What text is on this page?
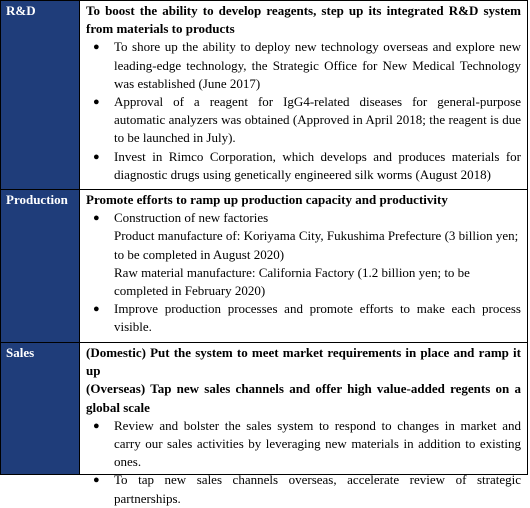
R&D	To boost the ability to develop reagents, step up its integrated R&D system from materials to products
● To shore up the ability to deploy new technology overseas and explore new leading-edge technology, the Strategic Office for New Medical Technology was established (June 2017)
● Approval of a reagent for IgG4-related diseases for general-purpose automatic analyzers was obtained (Approved in April 2018; the reagent is due to be launched in July).
● Invest in Rimco Corporation, which develops and produces materials for diagnostic drugs using genetically engineered silk worms (August 2018)
Production	Promote efforts to ramp up production capacity and productivity
● Construction of new factories
Product manufacture of: Koriyama City, Fukushima Prefecture (3 billion yen; to be completed in August 2020)
Raw material manufacture: California Factory (1.2 billion yen; to be completed in February 2020)
● Improve production processes and promote efforts to make each process visible.
Sales	(Domestic) Put the system to meet market requirements in place and ramp it up
(Overseas) Tap new sales channels and offer high value-added regents on a global scale
● Review and bolster the sales system to respond to changes in market and carry our sales activities by leveraging new materials in addition to existing ones.
● To tap new sales channels overseas, accelerate review of strategic partnerships.
